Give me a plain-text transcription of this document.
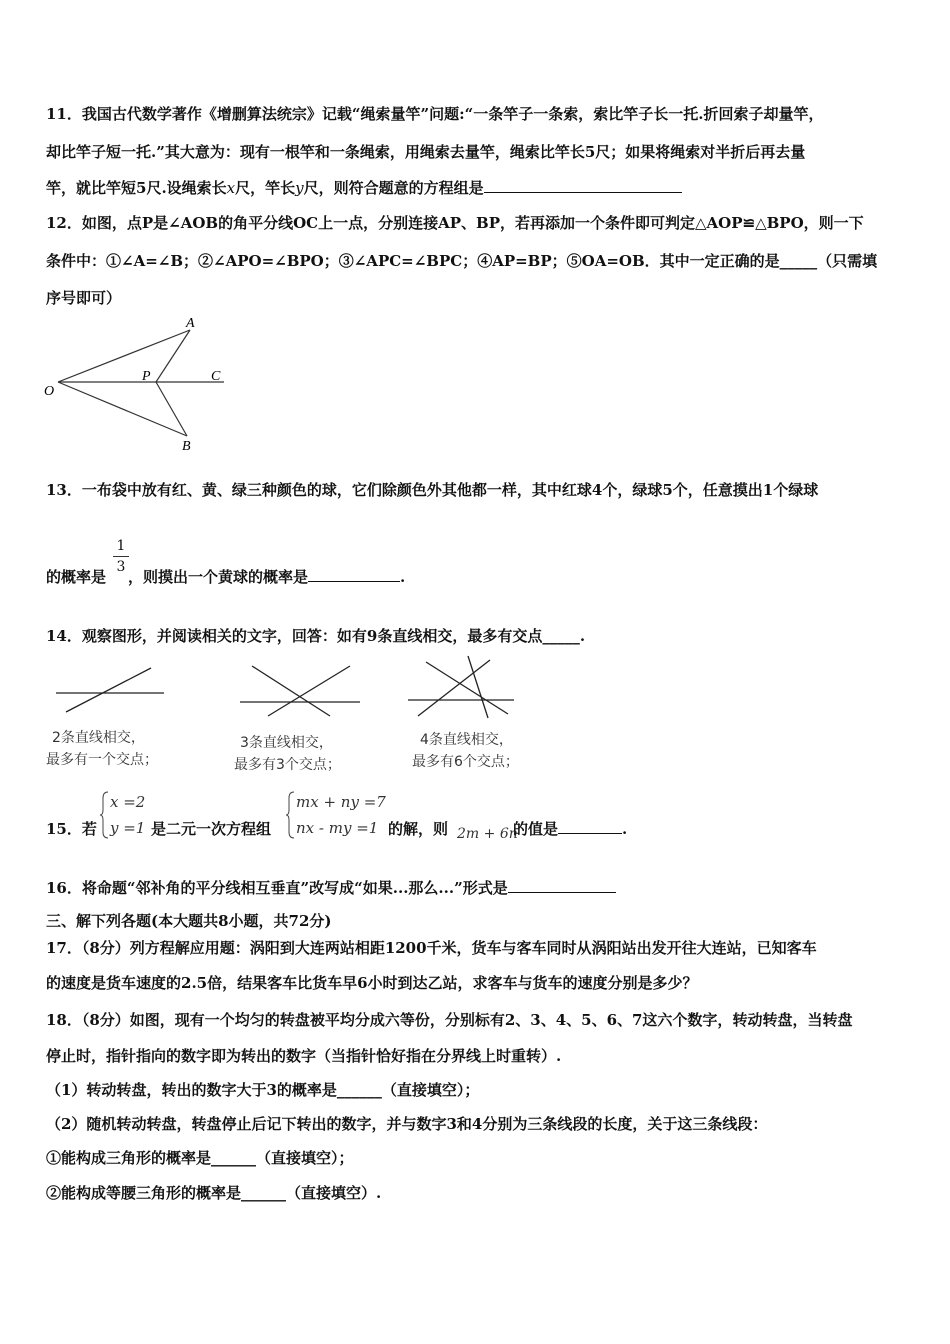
11．我国古代数学著作《增删算法统宗》记载“绳索量竿”问题:“一条竿子一条索，索比竿子长一托.折回索子却量竿，
却比竿子短一托.”其大意为：现有一根竿和一条绳索，用绳索去量竿，绳索比竿长5尺；如果将绳索对半折后再去量
竿，就比竿短5尺.设绳索长x尺，竿长y尺，则符合题意的方程组是
12．如图，点P是∠AOB的角平分线OC上一点，分别连接AP、BP，若再添加一个条件即可判定△AOP≌△BPO，则一下
条件中：①∠A=∠B；②∠APO=∠BPO；③∠APC=∠BPC；④AP=BP；⑤OA=OB．其中一定正确的是_____（只需填
序号即可）
A
O
P	C
B
13．一布袋中放有红、黄、绿三种颜色的球，它们除颜色外其他都一样，其中红球4个，绿球5个，任意摸出1个绿球
1
3
的概率是 ，则摸出一个黄球的概率是	.
14．观察图形，并阅读相关的文字，回答：如有9条直线相交，最多有交点_____.
2条直线相交，
最多有一个交点；
3条直线相交，
最多有3个交点；
4条直线相交，
最多有6个交点；
15．若
x =2
y =1 是二元一次方程组
mx + ny =7
nx - my =1 的解，则 2m + 6n
的值是	.
16．将命题“邻补角的平分线相互垂直”改写成“如果...那么...”形式是
三、解下列各题(本大题共8小题，共72分)
17．（8分）列方程解应用题：涡阳到大连两站相距1200千米，货车与客车同时从涡阳站出发开往大连站，已知客车
的速度是货车速度的2.5倍，结果客车比货车早6小时到达乙站，求客车与货车的速度分别是多少？
18．（8分）如图，现有一个均匀的转盘被平均分成六等份，分别标有2、3、4、5、6、7这六个数字，转动转盘，当转盘
停止时，指针指向的数字即为转出的数字（当指针恰好指在分界线上时重转）.
（1）转动转盘，转出的数字大于3的概率是______（直接填空）；
（2）随机转动转盘，转盘停止后记下转出的数字，并与数字3和4分别为三条线段的长度，关于这三条线段：
①能构成三角形的概率是______（直接填空）；
②能构成等腰三角形的概率是______（直接填空）.
